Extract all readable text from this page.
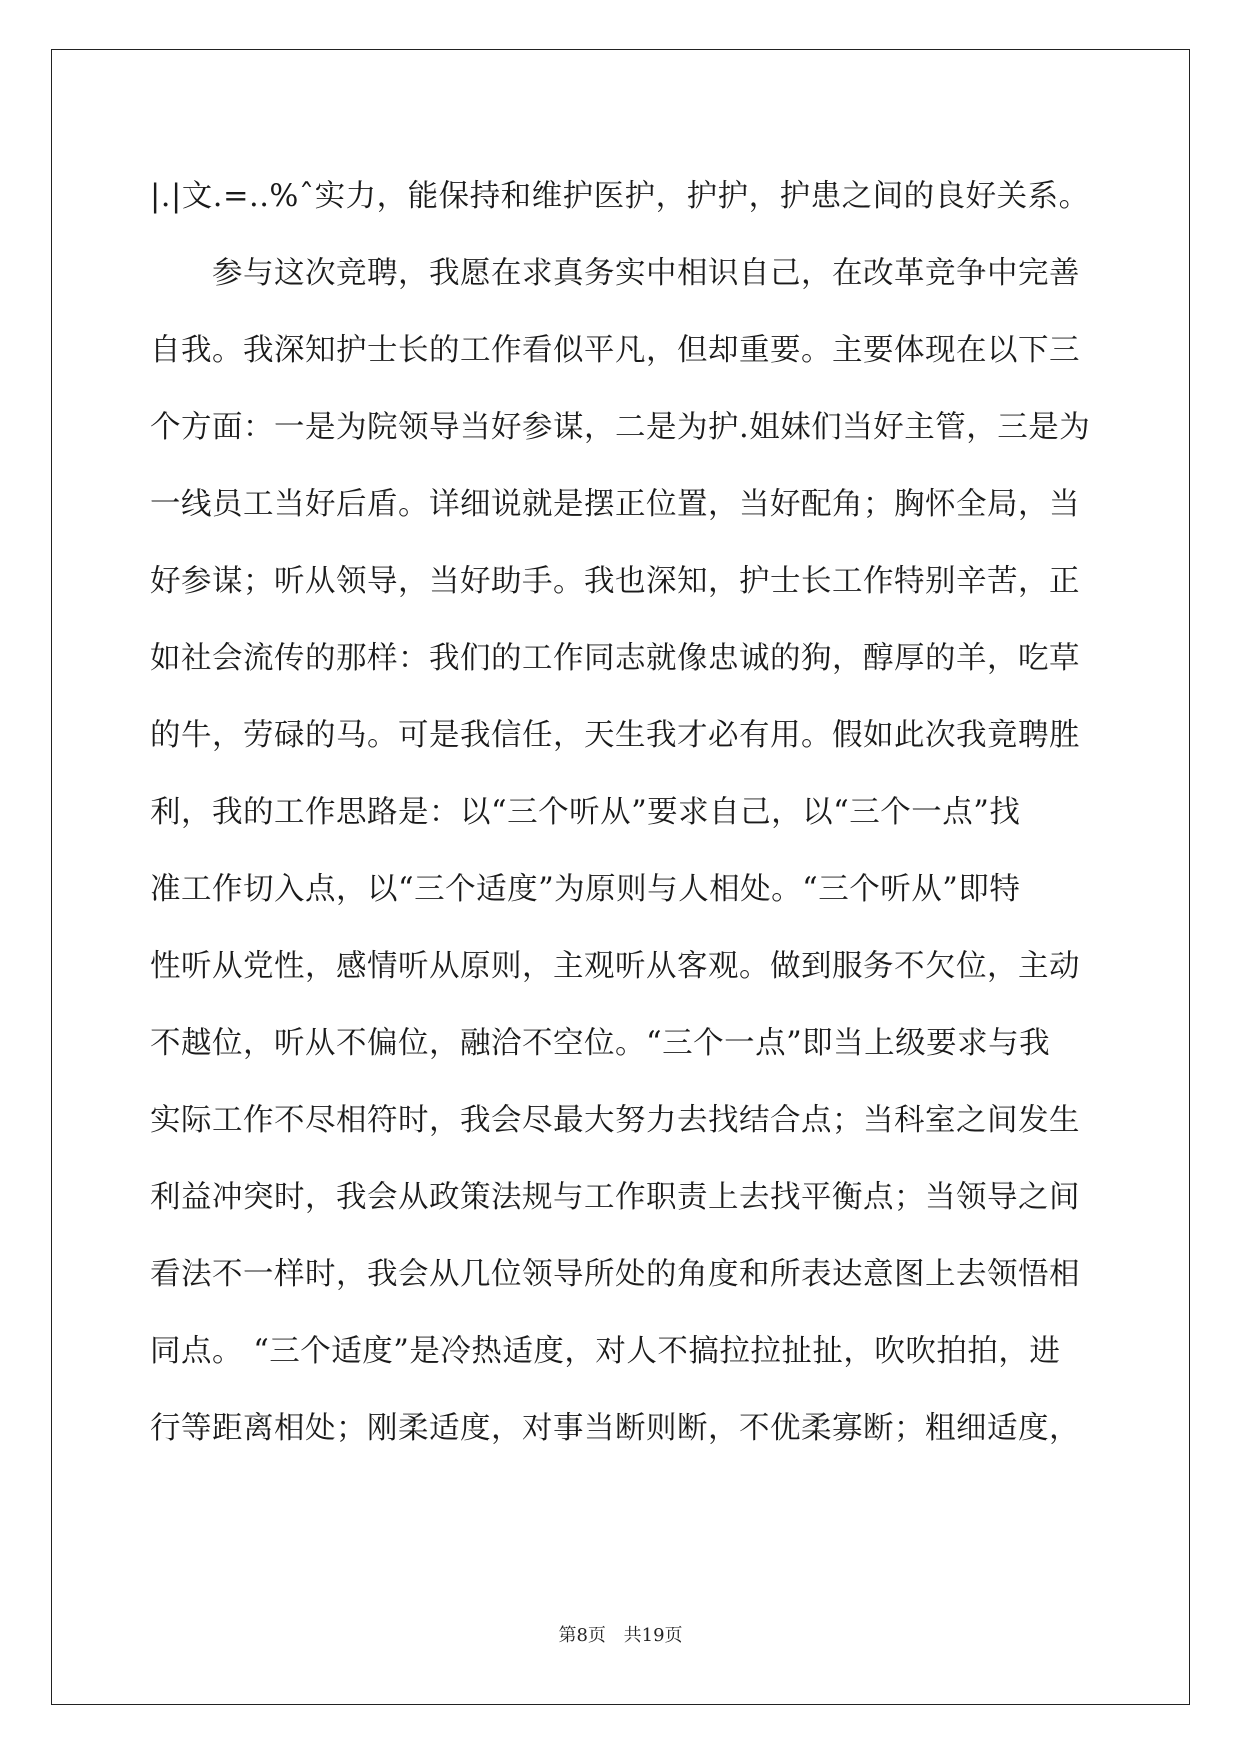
|.|文.=..%ˆ实力，能保持和维护医护，护护，护患之间的良好关系。
参与这次竞聘，我愿在求真务实中相识自己，在改革竞争中完善
自我。我深知护士长的工作看似平凡，但却重要。主要体现在以下三
个方面：一是为院领导当好参谋，二是为护.姐妹们当好主管，三是为
一线员工当好后盾。详细说就是摆正位置，当好配角；胸怀全局，当
好参谋；听从领导，当好助手。我也深知，护士长工作特别辛苦，正
如社会流传的那样：我们的工作同志就像忠诚的狗，醇厚的羊，吃草
的牛，劳碌的马。可是我信任，天生我才必有用。假如此次我竟聘胜
利，我的工作思路是：以“三个听从”要求自己，以“三个一点”找
准工作切入点，以“三个适度”为原则与人相处。“三个听从”即特
性听从党性，感情听从原则，主观听从客观。做到服务不欠位，主动
不越位，听从不偏位，融洽不空位。“三个一点”即当上级要求与我
实际工作不尽相符时，我会尽最大努力去找结合点；当科室之间发生
利益冲突时，我会从政策法规与工作职责上去找平衡点；当领导之间
看法不一样时，我会从几位领导所处的角度和所表达意图上去领悟相
同点。 “三个适度”是冷热适度，对人不搞拉拉扯扯，吹吹拍拍，进
行等距离相处；刚柔适度，对事当断则断，不优柔寡断；粗细适度，
第8页 共19页
